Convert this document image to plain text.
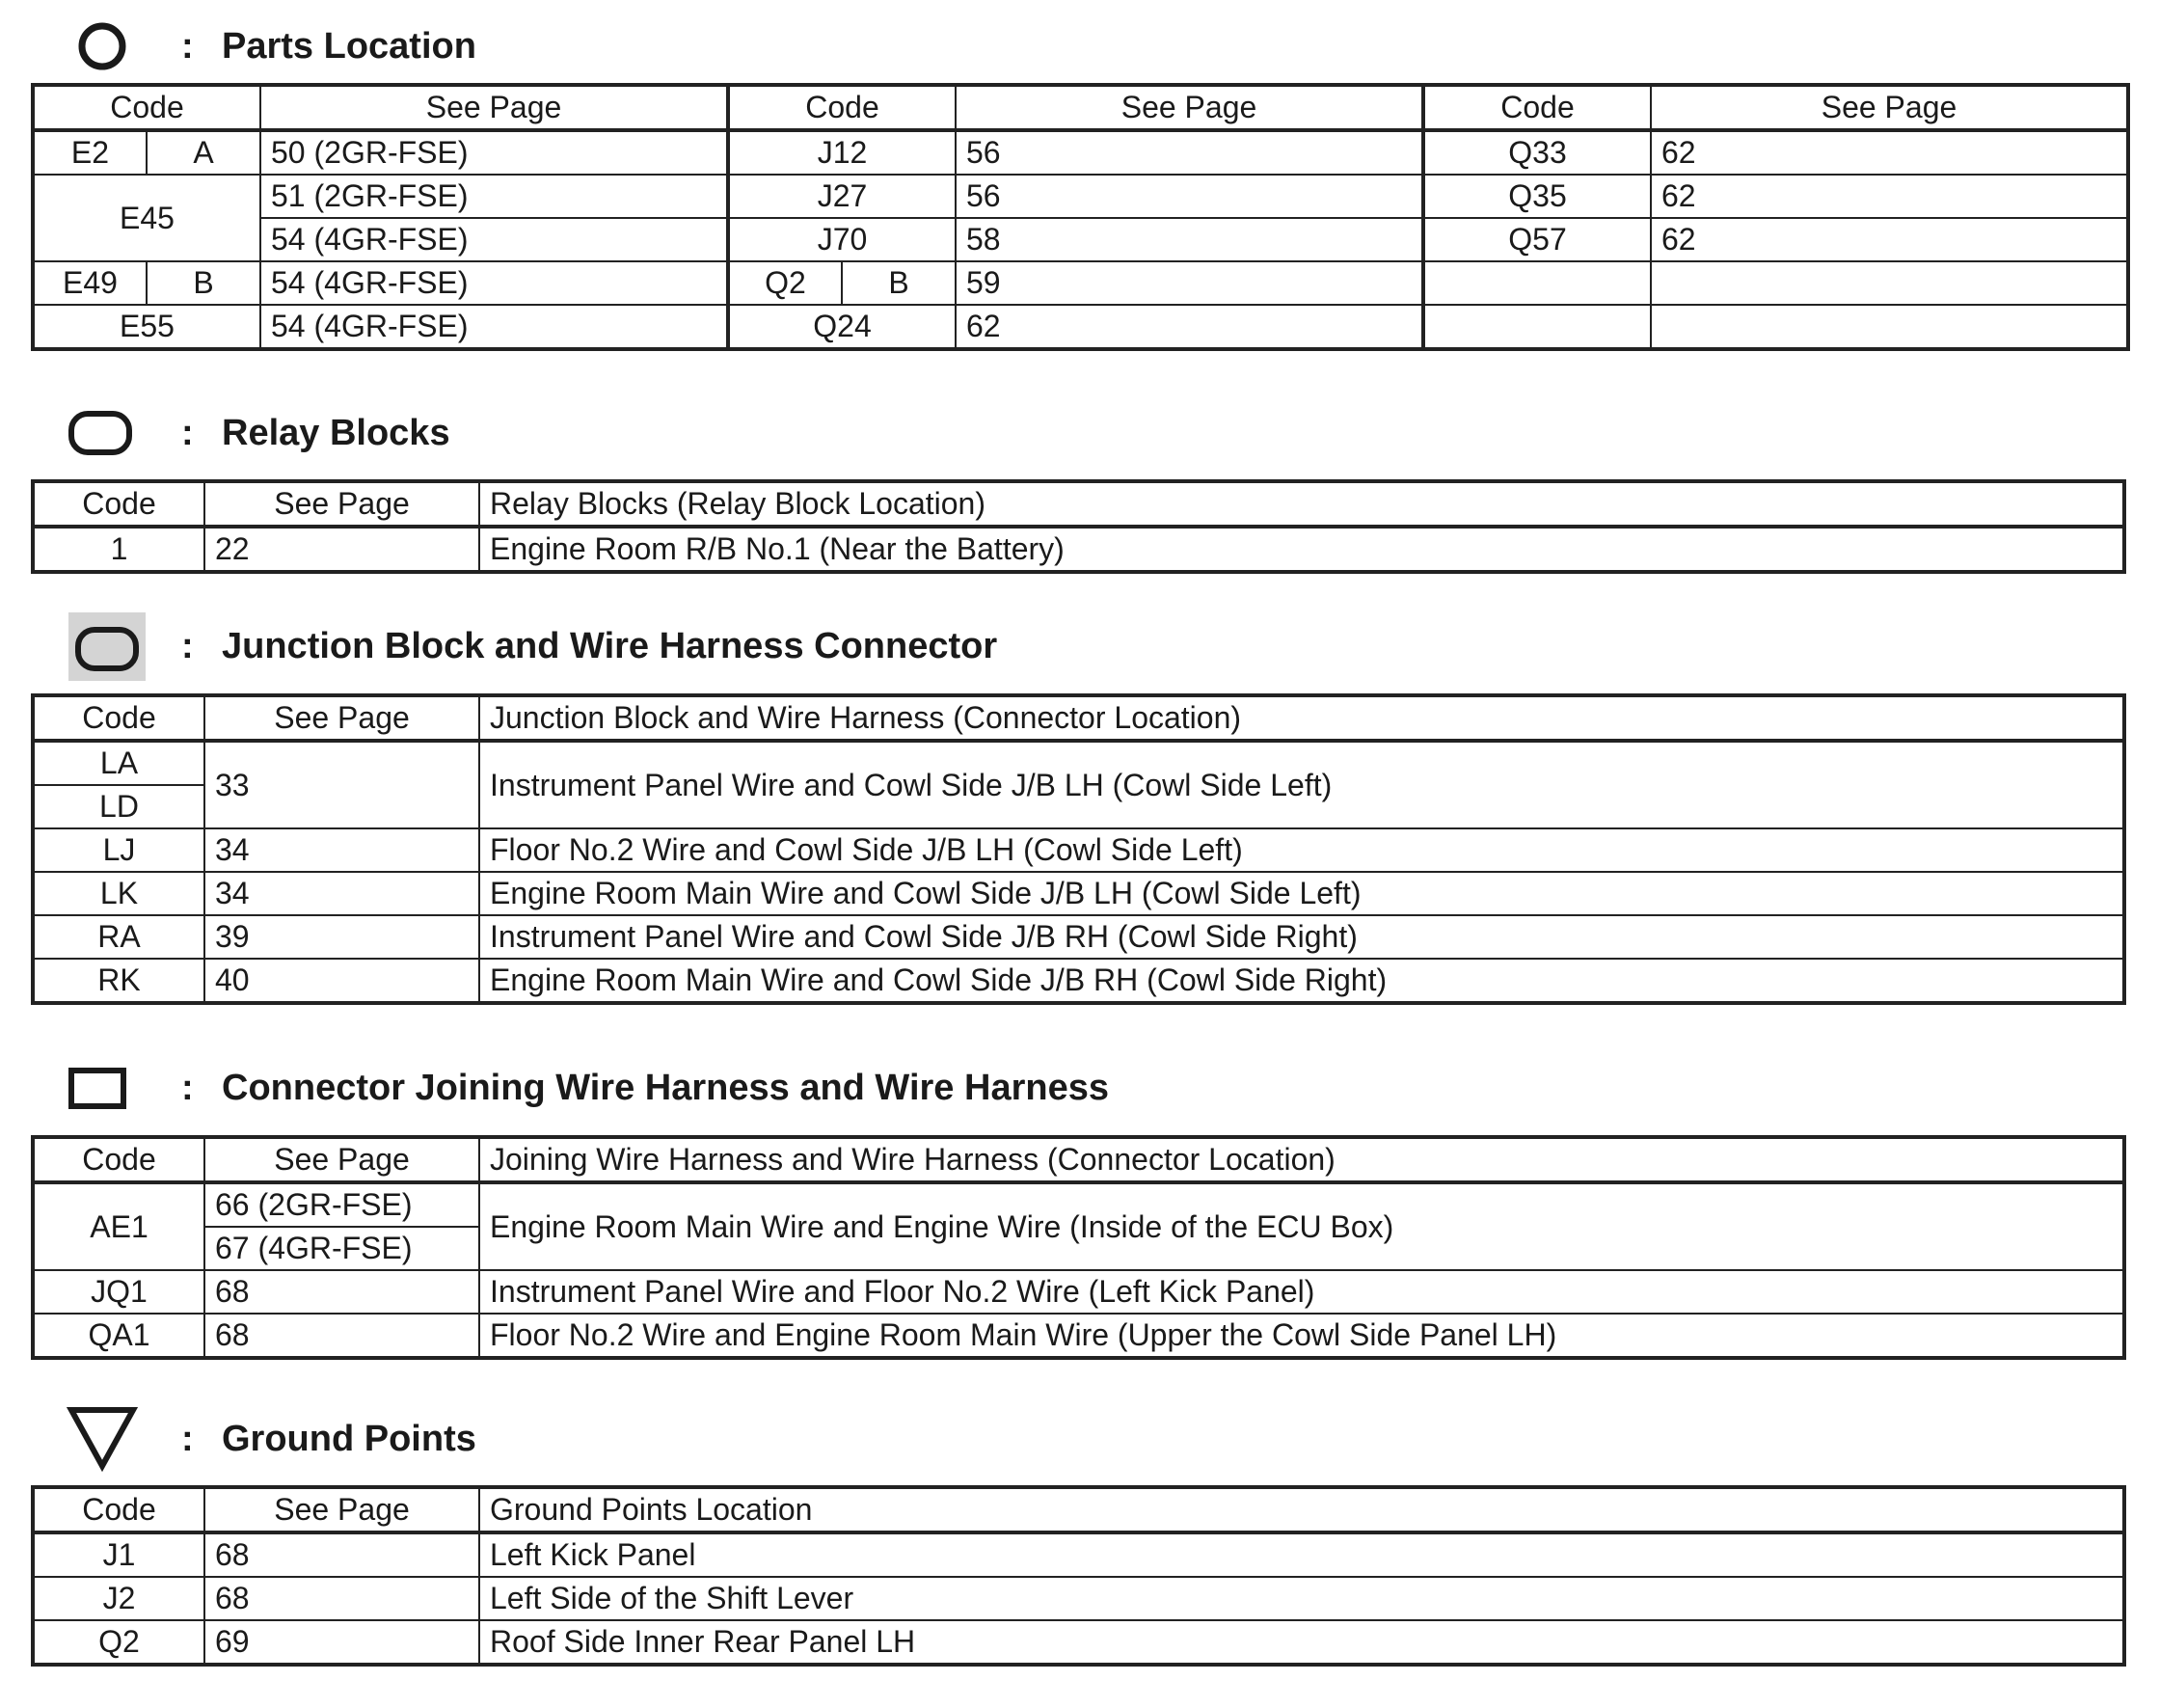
: Parts Location
Code		See Page	Code		See Page	Code	See Page
E2	A	50 (2GR-FSE)	J12		56	Q33	62
E45		51 (2GR-FSE)	J27		56	Q35	62
		54 (4GR-FSE)	J70		58	Q57	62
E49	B	54 (4GR-FSE)	Q2	B	59		
E55		54 (4GR-FSE)	Q24		62		
: Relay Blocks
Code	See Page	Relay Blocks (Relay Block Location)
1	22	Engine Room R/B No.1 (Near the Battery)
: Junction Block and Wire Harness Connector
Code	See Page	Junction Block and Wire Harness (Connector Location)
LA	33	Instrument Panel Wire and Cowl Side J/B LH (Cowl Side Left)
LD		
LJ	34	Floor No.2 Wire and Cowl Side J/B LH (Cowl Side Left)
LK	34	Engine Room Main Wire and Cowl Side J/B LH (Cowl Side Left)
RA	39	Instrument Panel Wire and Cowl Side J/B RH (Cowl Side Right)
RK	40	Engine Room Main Wire and Cowl Side J/B RH (Cowl Side Right)
: Connector Joining Wire Harness and Wire Harness
Code	See Page	Joining Wire Harness and Wire Harness (Connector Location)
AE1	66 (2GR-FSE)	Engine Room Main Wire and Engine Wire (Inside of the ECU Box)
	67 (4GR-FSE)	
JQ1	68	Instrument Panel Wire and Floor No.2 Wire (Left Kick Panel)
QA1	68	Floor No.2 Wire and Engine Room Main Wire (Upper the Cowl Side Panel LH)
: Ground Points
Code	See Page	Ground Points Location
J1	68	Left Kick Panel
J2	68	Left Side of the Shift Lever
Q2	69	Roof Side Inner Rear Panel LH
